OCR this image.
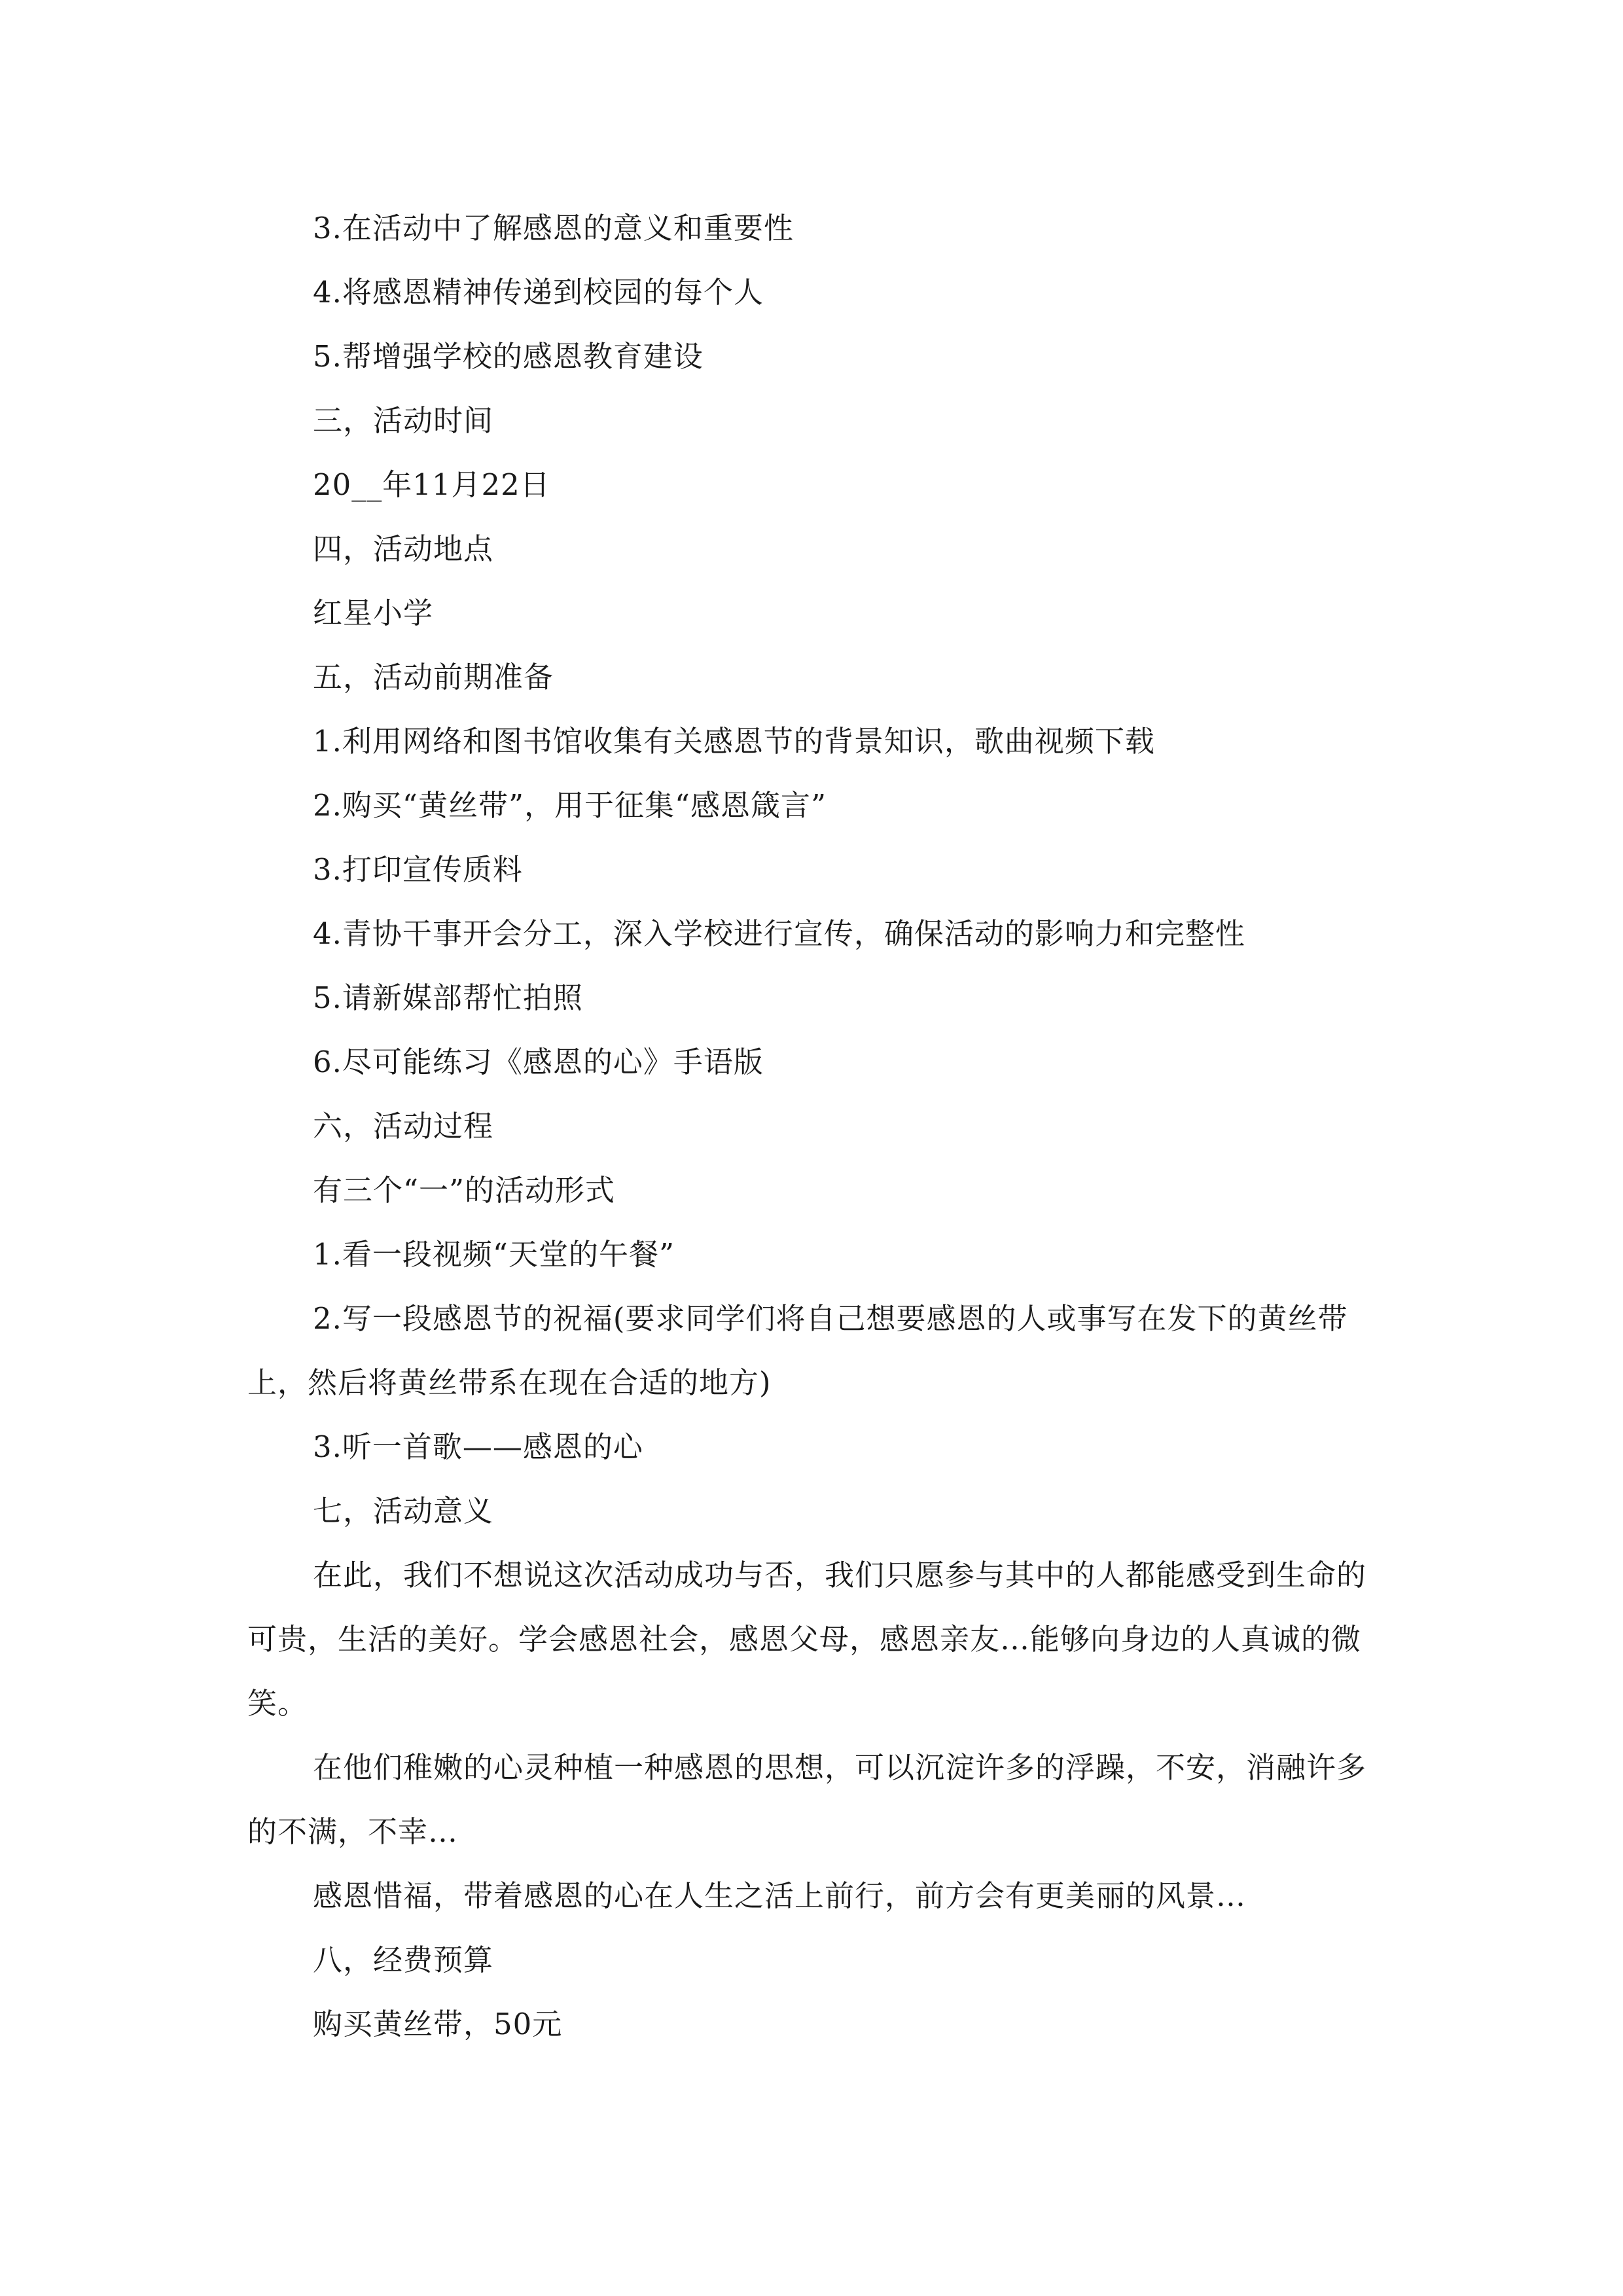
3.在活动中了解感恩的意义和重要性

4.将感恩精神传递到校园的每个人

5.帮增强学校的感恩教育建设

三，活动时间

20__年11月22日

四，活动地点

红星小学

五，活动前期准备

1.利用网络和图书馆收集有关感恩节的背景知识，歌曲视频下载

2.购买“黄丝带”，用于征集“感恩箴言”

3.打印宣传质料

4.青协干事开会分工，深入学校进行宣传，确保活动的影响力和完整性

5.请新媒部帮忙拍照

6.尽可能练习《感恩的心》手语版

六，活动过程

有三个“一”的活动形式

1.看一段视频“天堂的午餐”

2.写一段感恩节的祝福(要求同学们将自己想要感恩的人或事写在发下的黄丝带上，然后将黄丝带系在现在合适的地方)

3.听一首歌——感恩的心

七，活动意义

在此，我们不想说这次活动成功与否，我们只愿参与其中的人都能感受到生命的可贵，生活的美好。学会感恩社会，感恩父母，感恩亲友…能够向身边的人真诚的微笑。

在他们稚嫩的心灵种植一种感恩的思想，可以沉淀许多的浮躁，不安，消融许多的不满，不幸…

感恩惜福，带着感恩的心在人生之活上前行，前方会有更美丽的风景…

八，经费预算

购买黄丝带，50元
